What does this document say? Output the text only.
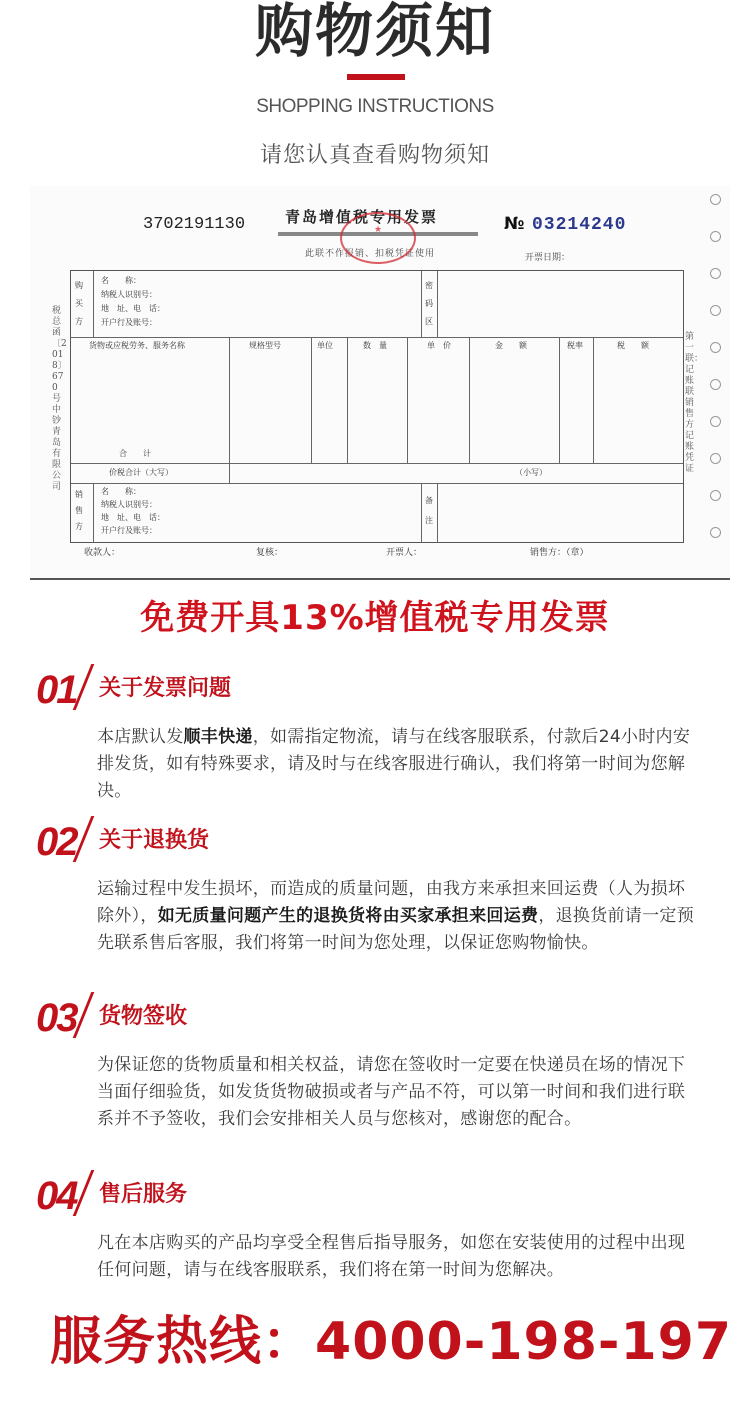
购物须知
SHOPPING INSTRUCTIONS
请您认真查看购物须知
3702191130	青岛增值税专用发票
此联不作报销、扣税凭证使用
★	№ 03214240
开票日期：
税总函〔2018〕670号中钞青岛有限公司
第一联：记账联 销售方记账凭证
购买方
名　　称：
纳税人识别号：
地　址、电　话：
开户行及账号：
密码区
货物或应税劳务、服务名称	规格型号	单位	数　量	单　价	金　　额	税率	税　　额
合　　计
价税合计（大写）	（小写）
销售方
名　　称：
纳税人识别号：
地　址、电　话：
开户行及账号：
备注
收款人：	复核：	开票人：	销售方：（章）
免费开具13%增值税专用发票
01 关于发票问题
本店默认发顺丰快递，如需指定物流，请与在线客服联系，付款后24小时内安排发货，如有特殊要求，请及时与在线客服进行确认，我们将第一时间为您解决。
02 关于退换货
运输过程中发生损坏，而造成的质量问题，由我方来承担来回运费（人为损坏除外），如无质量问题产生的退换货将由买家承担来回运费，退换货前请一定预先联系售后客服，我们将第一时间为您处理，以保证您购物愉快。
03 货物签收
为保证您的货物质量和相关权益，请您在签收时一定要在快递员在场的情况下当面仔细验货，如发货货物破损或者与产品不符，可以第一时间和我们进行联系并不予签收，我们会安排相关人员与您核对，感谢您的配合。
04 售后服务
凡在本店购买的产品均享受全程售后指导服务，如您在安装使用的过程中出现任何问题，请与在线客服联系，我们将在第一时间为您解决。
服务热线：4000-198-197
